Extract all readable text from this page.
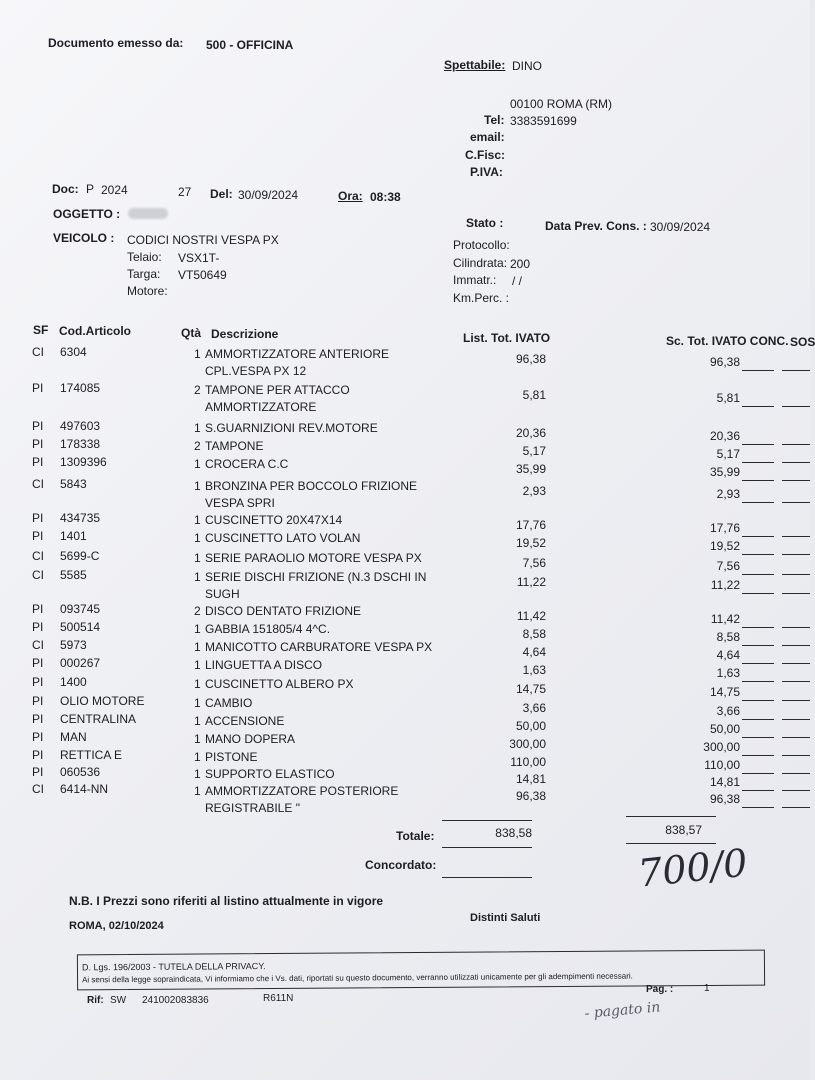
Documento emesso da: 500 - OFFICINA
Spettabile: DINO
00100 ROMA (RM)
Tel: 3383591699
email:
C.Fisc:
P.IVA:
Doc: P 2024	27 Del: 30/09/2024	Ora: 08:38
OGGETTO :
VEICOLO : CODICI NOSTRI VESPA PX
Telaio: VSX1T-
Targa: VT50649
Motore:
Stato :	Data Prev. Cons. : 30/09/2024
Protocollo:
Cilindrata: 200
Immatr.: / /
Km.Perc. :
SF Cod.Articolo	Qtà Descrizione	List. Tot. IVATO	Sc. Tot. IVATO CONC. SOS
CI 6304	1 AMMORTIZZATORE ANTERIORE
CPL.VESPA PX 12
96,38	96,38
PI 174085	2 TAMPONE PER ATTACCO
AMMORTIZZATORE
5,81	5,81
PI 497603	1 S.GUARNIZIONI REV.MOTORE	20,36	20,36
PI 178338	2 TAMPONE	5,17	5,17
PI 1309396	1 CROCERA C.C	35,99	35,99
CI 5843	1 BRONZINA PER BOCCOLO FRIZIONE
VESPA SPRI
2,93	2,93
PI 434735	1 CUSCINETTO 20X47X14	17,76	17,76
PI 1401	1 CUSCINETTO LATO VOLAN	19,52	19,52
CI 5699-C	1 SERIE PARAOLIO MOTORE VESPA PX	7,56	7,56
CI 5585	1 SERIE DISCHI FRIZIONE (N.3 DSCHI IN
SUGH
11,22	11,22
PI 093745	2 DISCO DENTATO FRIZIONE	11,42	11,42
PI 500514	1 GABBIA 151805/4 4^C.	8,58	8,58
CI 5973	1 MANICOTTO CARBURATORE VESPA PX	4,64	4,64
PI 000267	1 LINGUETTA A DISCO	1,63	1,63
PI 1400	1 CUSCINETTO ALBERO PX	14,75	14,75
PI OLIO MOTORE	1 CAMBIO	3,66	3,66
PI CENTRALINA	1 ACCENSIONE	50,00	50,00
PI MAN	1 MANO DOPERA	300,00	300,00
PI RETTICA E	1 PISTONE	110,00	110,00
PI 060536	1 SUPPORTO ELASTICO	14,81	14,81
CI 6414-NN	1 AMMORTIZZATORE POSTERIORE
REGISTRABILE "
96,38	96,38
Totale:	838,58	838,57
Concordato:	700/0
N.B. I Prezzi sono riferiti al listino attualmente in vigore
ROMA, 02/10/2024
Distinti Saluti
D. Lgs. 196/2003 - TUTELA DELLA PRIVACY.
Ai sensi della legge sopraindicata, Vi informiamo che i Vs. dati, riportati su questo documento, verranno utilizzati unicamente per gli adempimenti necessari.
Rif: SW 241002083836	R611N
Pag. :	1
- pagato in
